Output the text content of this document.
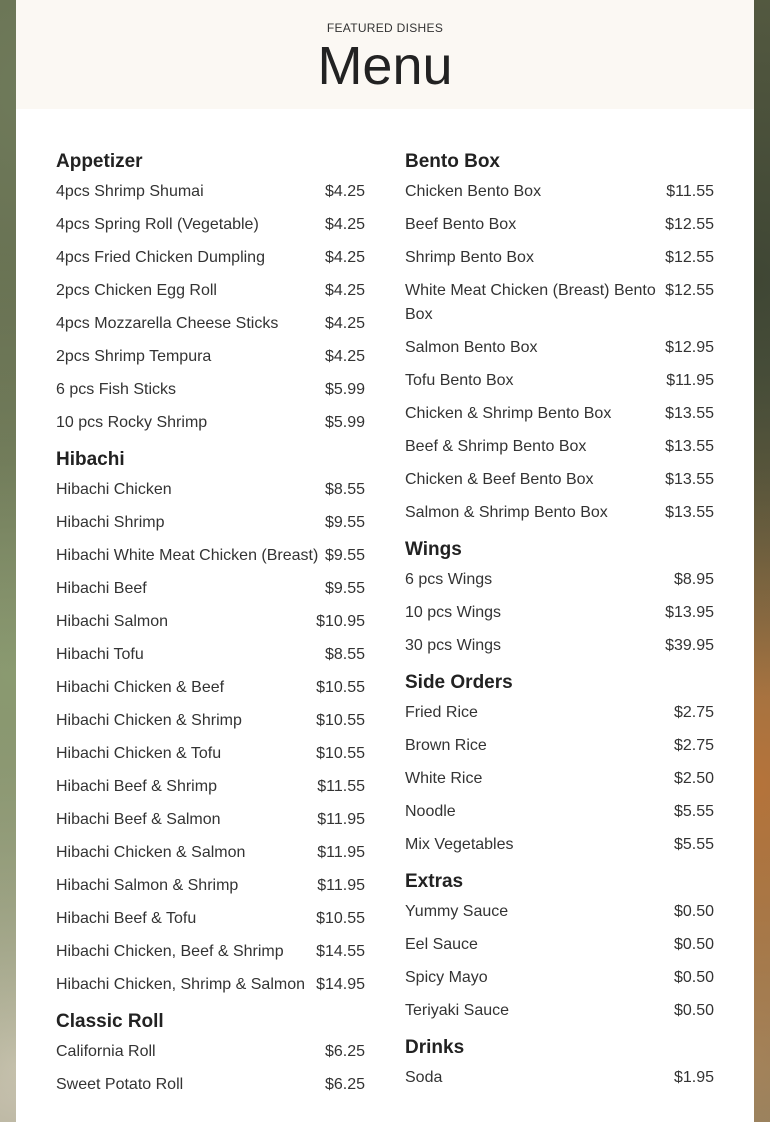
FEATURED DISHES
Menu
Appetizer
4pcs Shrimp Shumai	$4.25
4pcs Spring Roll (Vegetable)	$4.25
4pcs Fried Chicken Dumpling	$4.25
2pcs Chicken Egg Roll	$4.25
4pcs Mozzarella Cheese Sticks	$4.25
2pcs Shrimp Tempura	$4.25
6 pcs Fish Sticks	$5.99
10 pcs Rocky Shrimp	$5.99
Hibachi
Hibachi Chicken	$8.55
Hibachi Shrimp	$9.55
Hibachi White Meat Chicken (Breast) $9.55
Hibachi Beef	$9.55
Hibachi Salmon	$10.95
Hibachi Tofu	$8.55
Hibachi Chicken & Beef	$10.55
Hibachi Chicken & Shrimp	$10.55
Hibachi Chicken & Tofu	$10.55
Hibachi Beef & Shrimp	$11.55
Hibachi Beef & Salmon	$11.95
Hibachi Chicken & Salmon	$11.95
Hibachi Salmon & Shrimp	$11.95
Hibachi Beef & Tofu	$10.55
Hibachi Chicken, Beef & Shrimp	$14.55
Hibachi Chicken, Shrimp & Salmon $14.95
Classic Roll
California Roll	$6.25
Sweet Potato Roll	$6.25
Bento Box
Chicken Bento Box	$11.55
Beef Bento Box	$12.55
Shrimp Bento Box	$12.55
White Meat Chicken (Breast) Bento Box
$12.55
Salmon Bento Box	$12.95
Tofu Bento Box	$11.95
Chicken & Shrimp Bento Box	$13.55
Beef & Shrimp Bento Box	$13.55
Chicken & Beef Bento Box	$13.55
Salmon & Shrimp Bento Box	$13.55
Wings
6 pcs Wings	$8.95
10 pcs Wings	$13.95
30 pcs Wings	$39.95
Side Orders
Fried Rice	$2.75
Brown Rice	$2.75
White Rice	$2.50
Noodle	$5.55
Mix Vegetables	$5.55
Extras
Yummy Sauce	$0.50
Eel Sauce	$0.50
Spicy Mayo	$0.50
Teriyaki Sauce	$0.50
Drinks
Soda	$1.95
